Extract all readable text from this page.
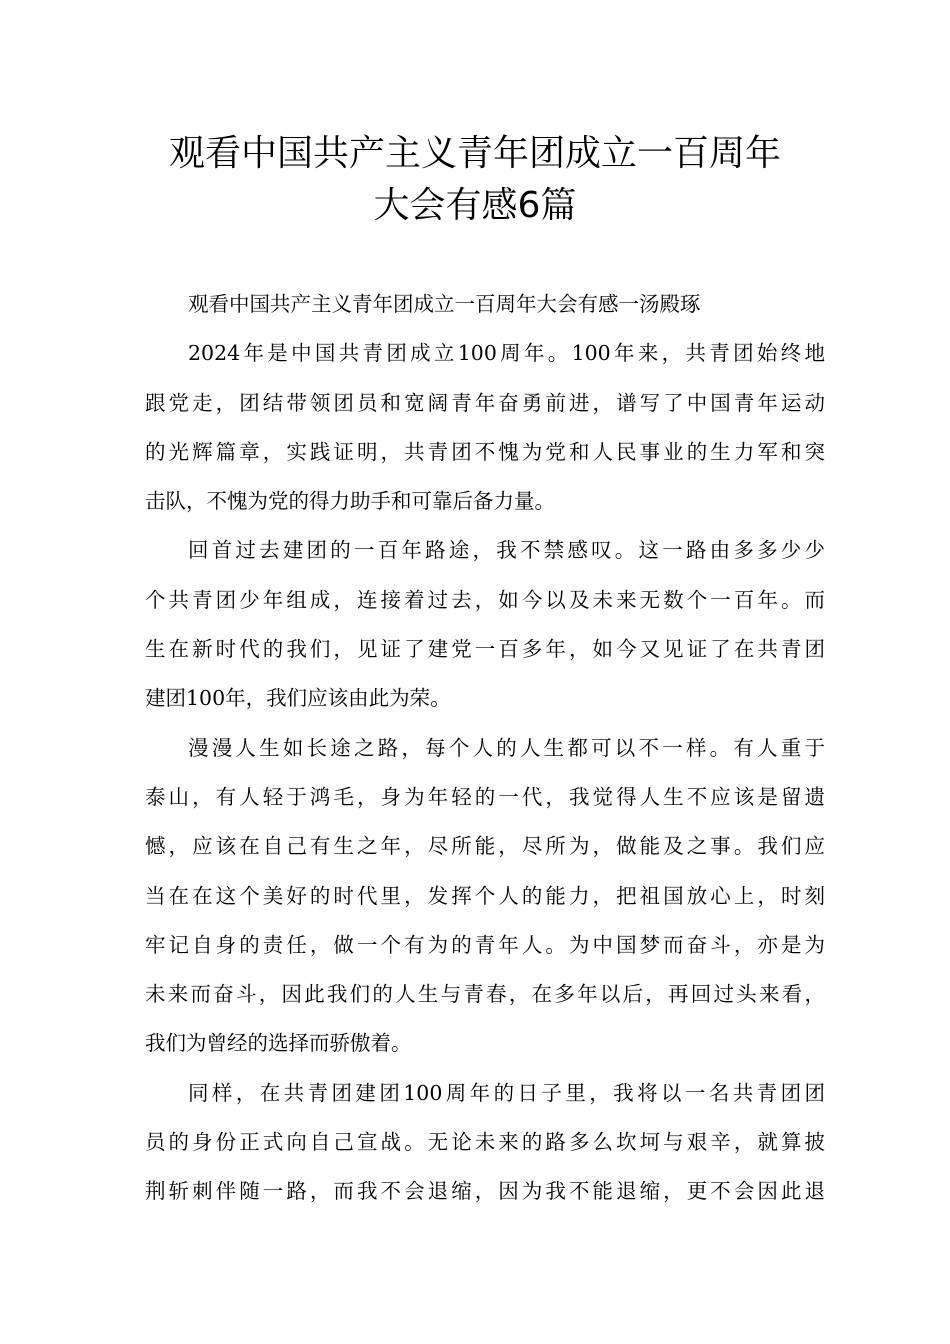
观看中国共产主义青年团成立一百周年
大会有感6篇

观看中国共产主义青年团成立一百周年大会有感一汤殿琢

2024年是中国共青团成立100周年。100年来，共青团始终地
跟党走，团结带领团员和宽阔青年奋勇前进，谱写了中国青年运动
的光辉篇章，实践证明，共青团不愧为党和人民事业的生力军和突
击队，不愧为党的得力助手和可靠后备力量。

回首过去建团的一百年路途，我不禁感叹。这一路由多多少少
个共青团少年组成，连接着过去，如今以及未来无数个一百年。而
生在新时代的我们，见证了建党一百多年，如今又见证了在共青团
建团100年，我们应该由此为荣。

漫漫人生如长途之路，每个人的人生都可以不一样。有人重于
泰山，有人轻于鸿毛，身为年轻的一代，我觉得人生不应该是留遗
憾，应该在自己有生之年，尽所能，尽所为，做能及之事。我们应
当在在这个美好的时代里，发挥个人的能力，把祖国放心上，时刻
牢记自身的责任，做一个有为的青年人。为中国梦而奋斗，亦是为
未来而奋斗，因此我们的人生与青春，在多年以后，再回过头来看，
我们为曾经的选择而骄傲着。

同样，在共青团建团100周年的日子里，我将以一名共青团团
员的身份正式向自己宣战。无论未来的路多么坎坷与艰辛，就算披
荆斩刺伴随一路，而我不会退缩，因为我不能退缩，更不会因此退
